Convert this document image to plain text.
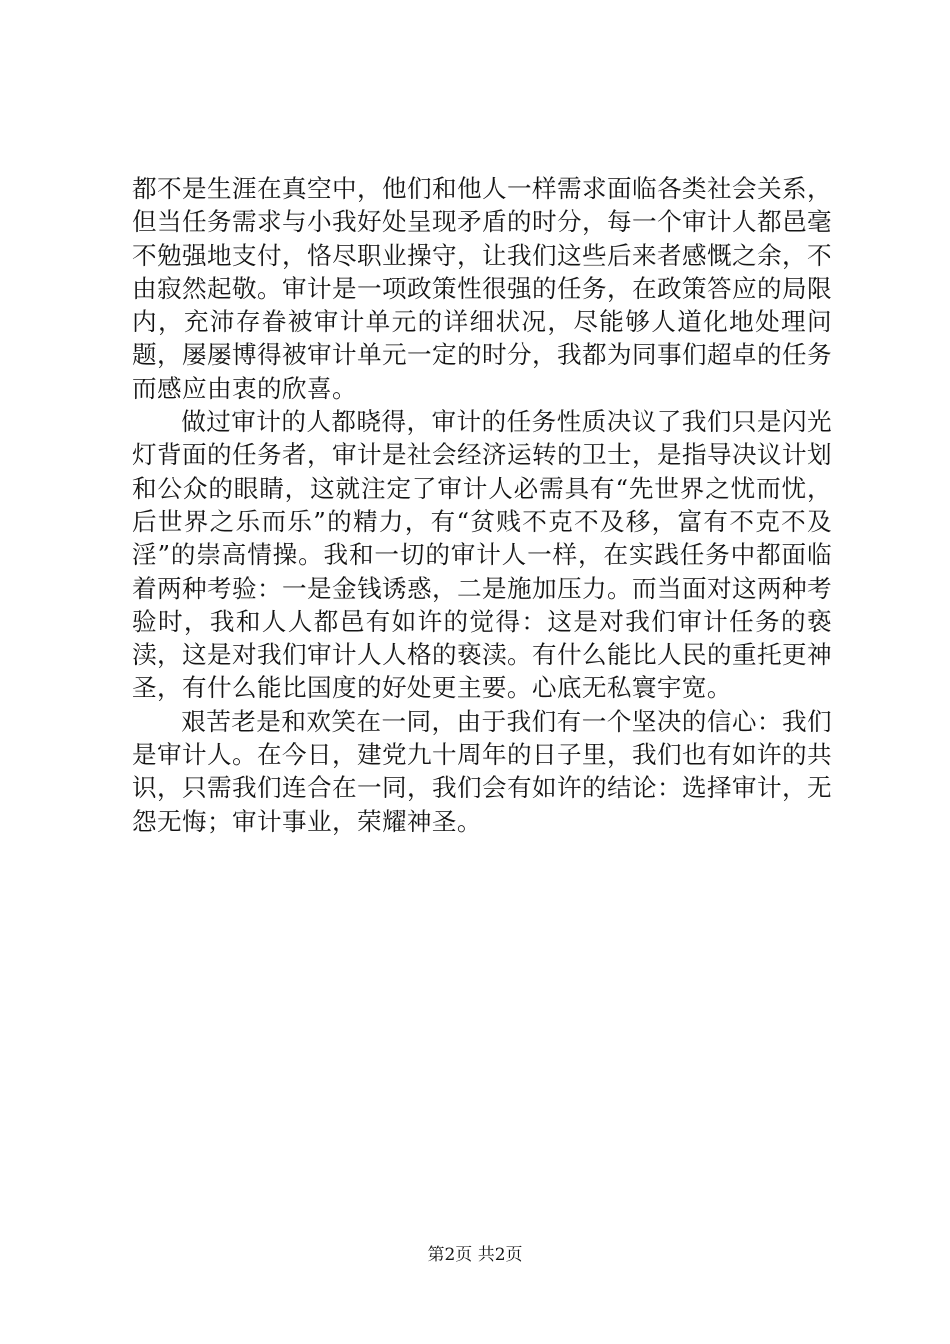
都不是生涯在真空中，他们和他人一样需求面临各类社会关系，但当任务需求与小我好处呈现矛盾的时分，每一个审计人都邑毫不勉强地支付，恪尽职业操守，让我们这些后来者感慨之余，不由寂然起敬。审计是一项政策性很强的任务，在政策答应的局限内，充沛存眷被审计单元的详细状况，尽能够人道化地处理问题，屡屡博得被审计单元一定的时分，我都为同事们超卓的任务而感应由衷的欣喜。

做过审计的人都晓得，审计的任务性质决议了我们只是闪光灯背面的任务者，审计是社会经济运转的卫士，是指导决议计划和公众的眼睛，这就注定了审计人必需具有“先世界之忧而忧，后世界之乐而乐”的精力，有“贫贱不克不及移，富有不克不及淫”的崇高情操。我和一切的审计人一样，在实践任务中都面临着两种考验：一是金钱诱惑，二是施加压力。而当面对这两种考验时，我和人人都邑有如许的觉得：这是对我们审计任务的亵渎，这是对我们审计人人格的亵渎。有什么能比人民的重托更神圣，有什么能比国度的好处更主要。心底无私寰宇宽。

艰苦老是和欢笑在一同，由于我们有一个坚决的信心：我们是审计人。在今日，建党九十周年的日子里，我们也有如许的共识，只需我们连合在一同，我们会有如许的结论：选择审计，无怨无悔；审计事业，荣耀神圣。

第2页 共2页
